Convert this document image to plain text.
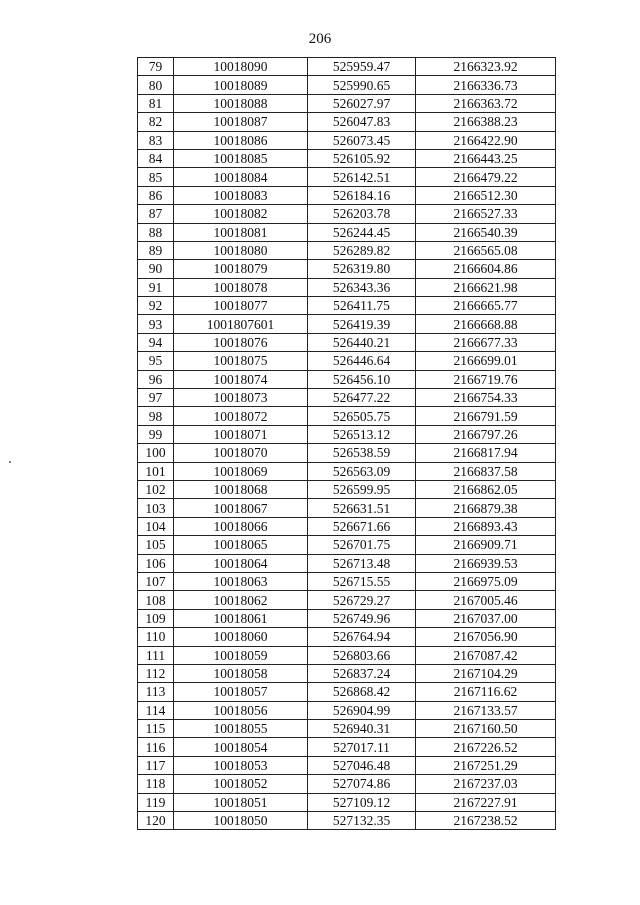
206
79	10018090	525959.47	2166323.92
80	10018089	525990.65	2166336.73
81	10018088	526027.97	2166363.72
82	10018087	526047.83	2166388.23
83	10018086	526073.45	2166422.90
84	10018085	526105.92	2166443.25
85	10018084	526142.51	2166479.22
86	10018083	526184.16	2166512.30
87	10018082	526203.78	2166527.33
88	10018081	526244.45	2166540.39
89	10018080	526289.82	2166565.08
90	10018079	526319.80	2166604.86
91	10018078	526343.36	2166621.98
92	10018077	526411.75	2166665.77
93	1001807601	526419.39	2166668.88
94	10018076	526440.21	2166677.33
95	10018075	526446.64	2166699.01
96	10018074	526456.10	2166719.76
97	10018073	526477.22	2166754.33
98	10018072	526505.75	2166791.59
99	10018071	526513.12	2166797.26
100	10018070	526538.59	2166817.94
101	10018069	526563.09	2166837.58
102	10018068	526599.95	2166862.05
103	10018067	526631.51	2166879.38
104	10018066	526671.66	2166893.43
105	10018065	526701.75	2166909.71
106	10018064	526713.48	2166939.53
107	10018063	526715.55	2166975.09
108	10018062	526729.27	2167005.46
109	10018061	526749.96	2167037.00
110	10018060	526764.94	2167056.90
111	10018059	526803.66	2167087.42
112	10018058	526837.24	2167104.29
113	10018057	526868.42	2167116.62
114	10018056	526904.99	2167133.57
115	10018055	526940.31	2167160.50
116	10018054	527017.11	2167226.52
117	10018053	527046.48	2167251.29
118	10018052	527074.86	2167237.03
119	10018051	527109.12	2167227.91
120	10018050	527132.35	2167238.52
